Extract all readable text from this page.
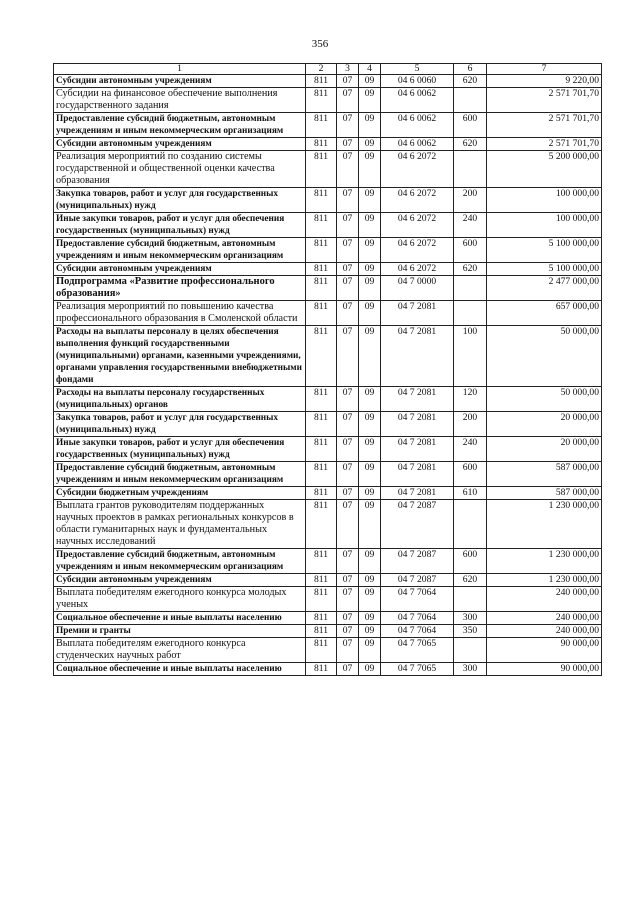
356
1	2	3	4	5	6	7
Субсидии автономным учреждениям	811	07	09	04 6 0060	620	9 220,00
Субсидии на финансовое обеспечение выполнения государственного задания	811	07	09	04 6 0062		2 571 701,70
Предоставление субсидий бюджетным, автономным учреждениям и иным некоммерческим организациям	811	07	09	04 6 0062	600	2 571 701,70
Субсидии автономным учреждениям	811	07	09	04 6 0062	620	2 571 701,70
Реализация мероприятий по созданию системы государственной и общественной оценки качества образования	811	07	09	04 6 2072		5 200 000,00
Закупка товаров, работ и услуг для государственных (муниципальных) нужд	811	07	09	04 6 2072	200	100 000,00
Иные закупки товаров, работ и услуг для обеспечения государственных (муниципальных) нужд	811	07	09	04 6 2072	240	100 000,00
Предоставление субсидий бюджетным, автономным учреждениям и иным некоммерческим организациям	811	07	09	04 6 2072	600	5 100 000,00
Субсидии автономным учреждениям	811	07	09	04 6 2072	620	5 100 000,00
Подпрограмма «Развитие профессионального образования»	811	07	09	04 7 0000		2 477 000,00
Реализация мероприятий по повышению качества профессионального образования в Смоленской области	811	07	09	04 7 2081		657 000,00
Расходы на выплаты персоналу в целях обеспечения выполнения функций государственными (муниципальными) органами, казенными учреждениями, органами управления государственными внебюджетными фондами	811	07	09	04 7 2081	100	50 000,00
Расходы на выплаты персоналу государственных (муниципальных) органов	811	07	09	04 7 2081	120	50 000,00
Закупка товаров, работ и услуг для государственных (муниципальных) нужд	811	07	09	04 7 2081	200	20 000,00
Иные закупки товаров, работ и услуг для обеспечения государственных (муниципальных) нужд	811	07	09	04 7 2081	240	20 000,00
Предоставление субсидий бюджетным, автономным учреждениям и иным некоммерческим организациям	811	07	09	04 7 2081	600	587 000,00
Субсидии бюджетным учреждениям	811	07	09	04 7 2081	610	587 000,00
Выплата грантов руководителям поддержанных научных проектов в рамках региональных конкурсов в области гуманитарных наук и фундаментальных научных исследований	811	07	09	04 7 2087		1 230 000,00
Предоставление субсидий бюджетным, автономным учреждениям и иным некоммерческим организациям	811	07	09	04 7 2087	600	1 230 000,00
Субсидии автономным учреждениям	811	07	09	04 7 2087	620	1 230 000,00
Выплата победителям ежегодного конкурса молодых ученых	811	07	09	04 7 7064		240 000,00
Социальное обеспечение и иные выплаты населению	811	07	09	04 7 7064	300	240 000,00
Премии и гранты	811	07	09	04 7 7064	350	240 000,00
Выплата победителям ежегодного конкурса студенческих научных работ	811	07	09	04 7 7065		90 000,00
Социальное обеспечение и иные выплаты населению	811	07	09	04 7 7065	300	90 000,00
